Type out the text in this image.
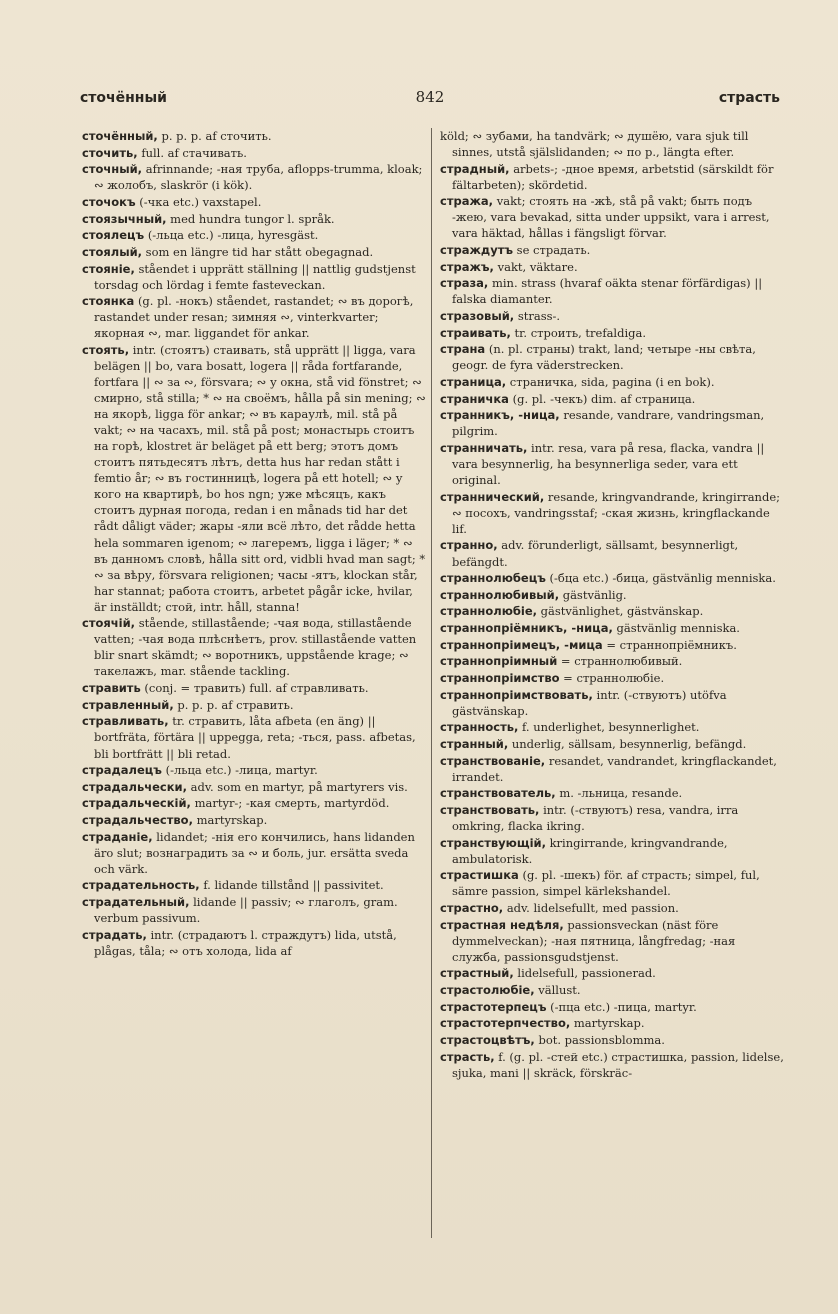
сточённый	842	страсть
сточённый, p. p. p. af сточить.
сточить, full. af стачивать.
сточный, afrinnande; -ная труба, aflopps-trumma, kloak; ∾ жолобъ, slaskrör (i kök).
сточокъ (-чка etc.) vaxstapel.
стоязычный, med hundra tungor l. språk.
стоялецъ (-льца etc.) -лица, hyresgäst.
стоялый, som en längre tid har stått obegagnad.
стояніе, ståendet i upprätt ställning || nattlig gudstjenst torsdag och lördag i femte fasteveckan.
стоянка (g. pl. -нокъ) ståendet, rastandet; ∾ въ дорогѣ, rastandet under resan; зимняя ∾, vinterkvarter; якорная ∾, mar. liggandet för ankar.
стоять, intr. (стоятъ) стаивать, stå upprätt || ligga, vara belägen || bo, vara bosatt, logera || råda fortfarande, fortfara || ∾ за ∾, försvara; ∾ у окна, stå vid fönstret; ∾ смирно, stå stilla; * ∾ на своёмъ, hålla på sin mening; ∾ на якорѣ, ligga för ankar; ∾ въ караулѣ, mil. stå på vakt; ∾ на часахъ, mil. stå på post; монастырь стоитъ на горѣ, klostret är beläget på ett berg; этотъ домъ стоитъ пятьдесятъ лѣтъ, detta hus har redan stått i femtio år; ∾ въ гостинницѣ, logera på ett hotell; ∾ у кого на квартирѣ, bo hos ngn; уже мѣсяцъ, какъ стоитъ дурная погода, redan i en månads tid har det rådt dåligt väder; жары -яли всё лѣто, det rådde hetta hela sommaren igenom; ∾ лагеремъ, ligga i läger; * ∾ въ данномъ словѣ, hålla sitt ord, vidbli hvad man sagt; * ∾ за вѣру, försvara religionen; часы -ятъ, klockan står, har stannat; работа стоитъ, arbetet pågår icke, hvilar, är inställdt; стой, intr. håll, stanna!
стоячій, stående, stillastående; -чая вода, stillastående vatten; -чая вода плѣснѣетъ, prov. stillastående vatten blir snart skämdt; ∾ воротникъ, uppstående krage; ∾ такелажъ, mar. stående tackling.
стравить (conj. = травить) full. af стравливать.
стравленный, p. p. p. af стравить.
стравливать, tr. стравить, låta afbeta (en äng) || bortfräta, förtära || uppegga, reta; -ться, pass. afbetas, bli bortfrätt || bli retad.
страдалецъ (-льца etc.) -лица, martyr.
страдальчески, adv. som en martyr, på martyrers vis.
страдальческій, martyr-; -кая смерть, martyrdöd.
страдальчество, martyrskap.
страданіе, lidandet; -нія его кончились, hans lidanden äro slut; вознаградить за ∾ и боль, jur. ersätta sveda och värk.
страдательность, f. lidande tillstånd || passivitet.
страдательный, lidande || passiv; ∾ глаголъ, gram. verbum passivum.
страдать, intr. (страдаютъ l. страждутъ) lida, utstå, plågas, tåla; ∾ отъ холода, lida af
köld; ∾ зубами, ha tandvärk; ∾ душёю, vara sjuk till sinnes, utstå själslidanden; ∾ по p., längta efter.
страдный, arbets-; -дное время, arbetstid (särskildt för fältarbeten); skördetid.
стража, vakt; стоять на -жѣ, stå på vakt; быть подъ -жею, vara bevakad, sitta under uppsikt, vara i arrest, vara häktad, hållas i fängsligt förvar.
страждутъ se страдать.
стражъ, vakt, väktare.
страза, min. strass (hvaraf oäkta stenar förfärdigas) || falska diamanter.
стразовый, strass-.
страивать, tr. строить, trefaldiga.
страна (n. pl. страны) trakt, land; четыре -ны свѣта, geogr. de fyra väderstrecken.
страница, страничка, sida, pagina (i en bok).
страничка (g. pl. -чекъ) dim. af страница.
странникъ, -ница, resande, vandrare, vandringsman, pilgrim.
странничать, intr. resa, vara på resa, flacka, vandra || vara besynnerlig, ha besynnerliga seder, vara ett original.
страннический, resande, kringvandrande, kringirrande; ∾ посохъ, vandringsstaf; -ская жизнь, kringflackande lif.
странно, adv. förunderligt, sällsamt, besynnerligt, befängdt.
страннолюбецъ (-бца etc.) -бица, gästvänlig menniska.
страннолюбивый, gästvänlig.
страннолюбіе, gästvänlighet, gästvänskap.
страннопріёмникъ, -ница, gästvänlig menniska.
страннопріимецъ, -мица = страннопріёмникъ.
страннопріимный = страннолюбивый.
страннопріимство = страннолюбіе.
страннопріимствовать, intr. (-ствуютъ) utöfva gästvänskap.
странность, f. underlighet, besynnerlighet.
странный, underlig, sällsam, besynnerlig, befängd.
странствованіе, resandet, vandrandet, kringflackandet, irrandet.
странствователь, m. -льница, resande.
странствовать, intr. (-ствуютъ) resa, vandra, irra omkring, flacka ikring.
странствующій, kringirrande, kringvandrande, ambulatorisk.
страстишка (g. pl. -шекъ) för. af страсть; simpel, ful, sämre passion, simpel kärlekshandel.
страстно, adv. lidelsefullt, med passion.
страстная недѣля, passionsveckan (näst före dymmelveckan); -ная пятница, långfredag; -ная служба, passionsgudstjenst.
страстный, lidelsefull, passionerad.
страстолюбіе, vällust.
страстотерпецъ (-пца etc.) -пица, martyr.
страстотерпчество, martyrskap.
страстоцвѣтъ, bot. passionsblomma.
страсть, f. (g. pl. -стей etc.) страстишка, passion, lidelse, sjuka, mani || skräck, förskräc-
